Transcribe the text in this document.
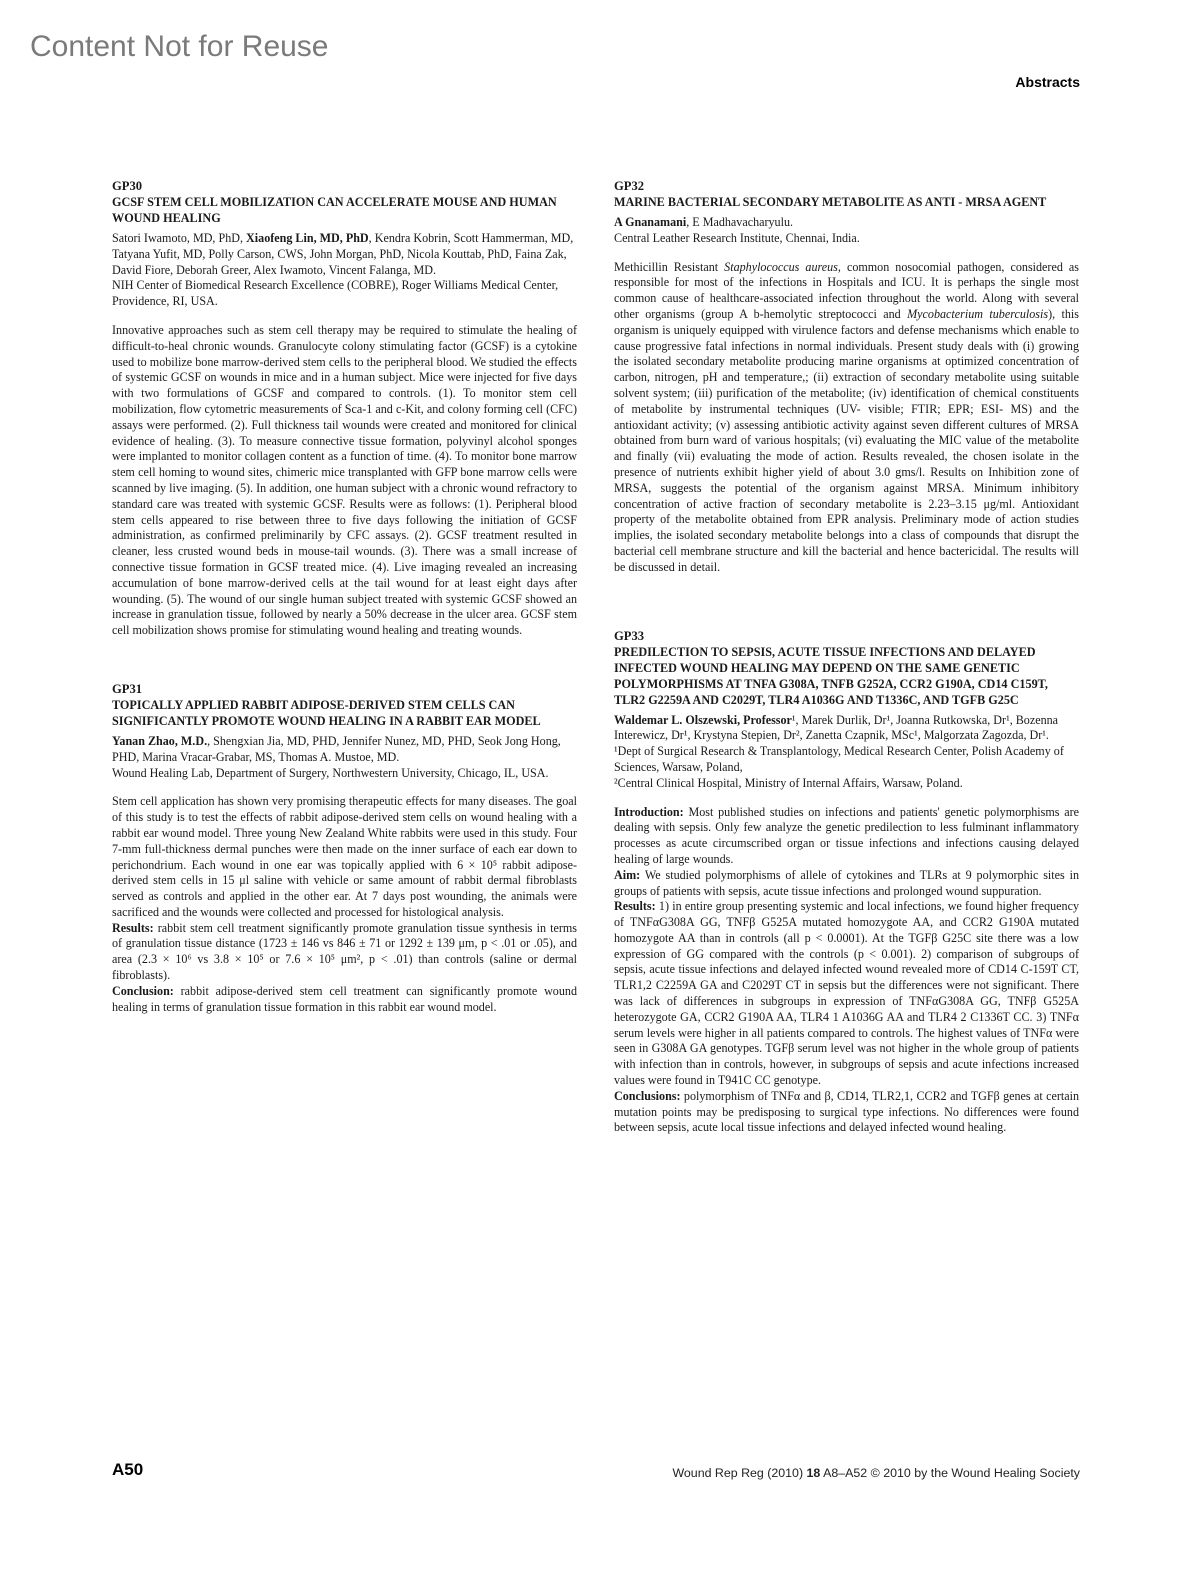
Content Not for Reuse
Abstracts
GP30
GCSF STEM CELL MOBILIZATION CAN ACCELERATE MOUSE AND HUMAN WOUND HEALING
Satori Iwamoto, MD, PhD, Xiaofeng Lin, MD, PhD, Kendra Kobrin, Scott Hammerman, MD, Tatyana Yufit, MD, Polly Carson, CWS, John Morgan, PhD, Nicola Kouttab, PhD, Faina Zak, David Fiore, Deborah Greer, Alex Iwamoto, Vincent Falanga, MD.
NIH Center of Biomedical Research Excellence (COBRE), Roger Williams Medical Center, Providence, RI, USA.

Innovative approaches such as stem cell therapy may be required to stimulate the healing of difficult-to-heal chronic wounds. Granulocyte colony stimulating factor (GCSF) is a cytokine used to mobilize bone marrow-derived stem cells to the peripheral blood. We studied the effects of systemic GCSF on wounds in mice and in a human subject. Mice were injected for five days with two formulations of GCSF and compared to controls. (1). To monitor stem cell mobilization, flow cytometric measurements of Sca-1 and c-Kit, and colony forming cell (CFC) assays were performed. (2). Full thickness tail wounds were created and monitored for clinical evidence of healing. (3). To measure connective tissue formation, polyvinyl alcohol sponges were implanted to monitor collagen content as a function of time. (4). To monitor bone marrow stem cell homing to wound sites, chimeric mice transplanted with GFP bone marrow cells were scanned by live imaging. (5). In addition, one human subject with a chronic wound refractory to standard care was treated with systemic GCSF. Results were as follows: (1). Peripheral blood stem cells appeared to rise between three to five days following the initiation of GCSF administration, as confirmed preliminarily by CFC assays. (2). GCSF treatment resulted in cleaner, less crusted wound beds in mouse-tail wounds. (3). There was a small increase of connective tissue formation in GCSF treated mice. (4). Live imaging revealed an increasing accumulation of bone marrow-derived cells at the tail wound for at least eight days after wounding. (5). The wound of our single human subject treated with systemic GCSF showed an increase in granulation tissue, followed by nearly a 50% decrease in the ulcer area. GCSF stem cell mobilization shows promise for stimulating wound healing and treating wounds.

GP31
TOPICALLY APPLIED RABBIT ADIPOSE-DERIVED STEM CELLS CAN SIGNIFICANTLY PROMOTE WOUND HEALING IN A RABBIT EAR MODEL
Yanan Zhao, M.D., Shengxian Jia, MD, PHD, Jennifer Nunez, MD, PHD, Seok Jong Hong, PHD, Marina Vracar-Grabar, MS, Thomas A. Mustoe, MD.
Wound Healing Lab, Department of Surgery, Northwestern University, Chicago, IL, USA.

Stem cell application has shown very promising therapeutic effects for many diseases. The goal of this study is to test the effects of rabbit adipose-derived stem cells on wound healing with a rabbit ear wound model. Three young New Zealand White rabbits were used in this study. Four 7-mm full-thickness dermal punches were then made on the inner surface of each ear down to perichondrium. Each wound in one ear was topically applied with 6 × 10⁵ rabbit adipose-derived stem cells in 15 μl saline with vehicle or same amount of rabbit dermal fibroblasts served as controls and applied in the other ear. At 7 days post wounding, the animals were sacrificed and the wounds were collected and processed for histological analysis.

Results: rabbit stem cell treatment significantly promote granulation tissue synthesis in terms of granulation tissue distance (1723 ± 146 vs 846 ± 71 or 1292 ± 139 μm, p < .01 or .05), and area (2.3 × 10⁶ vs 3.8 × 10⁵ or 7.6 × 10⁵ μm², p < .01) than controls (saline or dermal fibroblasts).

Conclusion: rabbit adipose-derived stem cell treatment can significantly promote wound healing in terms of granulation tissue formation in this rabbit ear wound model.

GP32
MARINE BACTERIAL SECONDARY METABOLITE AS ANTI - MRSA AGENT
A Gnanamani, E Madhavacharyulu.
Central Leather Research Institute, Chennai, India.

Methicillin Resistant Staphylococcus aureus, common nosocomial pathogen, considered as responsible for most of the infections in Hospitals and ICU. It is perhaps the single most common cause of healthcare-associated infection throughout the world. Along with several other organisms (group A b-hemolytic streptococci and Mycobacterium tuberculosis), this organism is uniquely equipped with virulence factors and defense mechanisms which enable to cause progressive fatal infections in normal individuals. Present study deals with (i) growing the isolated secondary metabolite producing marine organisms at optimized concentration of carbon, nitrogen, pH and temperature,; (ii) extraction of secondary metabolite using suitable solvent system; (iii) purification of the metabolite; (iv) identification of chemical constituents of metabolite by instrumental techniques (UV- visible; FTIR; EPR; ESI- MS) and the antioxidant activity; (v) assessing antibiotic activity against seven different cultures of MRSA obtained from burn ward of various hospitals; (vi) evaluating the MIC value of the metabolite and finally (vii) evaluating the mode of action. Results revealed, the chosen isolate in the presence of nutrients exhibit higher yield of about 3.0 gms/l. Results on Inhibition zone of MRSA, suggests the potential of the organism against MRSA. Minimum inhibitory concentration of active fraction of secondary metabolite is 2.23–3.15 μg/ml. Antioxidant property of the metabolite obtained from EPR analysis. Preliminary mode of action studies implies, the isolated secondary metabolite belongs into a class of compounds that disrupt the bacterial cell membrane structure and kill the bacterial and hence bactericidal. The results will be discussed in detail.

GP33
PREDILECTION TO SEPSIS, ACUTE TISSUE INFECTIONS AND DELAYED INFECTED WOUND HEALING MAY DEPEND ON THE SAME GENETIC POLYMORPHISMS AT TNFA G308A, TNFB G252A, CCR2 G190A, CD14 C159T, TLR2 G2259A AND C2029T, TLR4 A1036G AND T1336C, AND TGFB G25C
Waldemar L. Olszewski, Professor¹, Marek Durlik, Dr¹, Joanna Rutkowska, Dr¹, Bozenna Interewicz, Dr¹, Krystyna Stepien, Dr², Zanetta Czapnik, MSc¹, Malgorzata Zagozda, Dr¹.
¹Dept of Surgical Research & Transplantology, Medical Research Center, Polish Academy of Sciences, Warsaw, Poland,
²Central Clinical Hospital, Ministry of Internal Affairs, Warsaw, Poland.

Introduction: Most published studies on infections and patients' genetic polymorphisms are dealing with sepsis. Only few analyze the genetic predilection to less fulminant inflammatory processes as acute circumscribed organ or tissue infections and infections causing delayed healing of large wounds.

Aim: We studied polymorphisms of allele of cytokines and TLRs at 9 polymorphic sites in groups of patients with sepsis, acute tissue infections and prolonged wound suppuration.

Results: 1) in entire group presenting systemic and local infections, we found higher frequency of TNFαG308A GG, TNFβ G525A mutated homozygote AA, and CCR2 G190A mutated homozygote AA than in controls (all p < 0.0001). At the TGFβ G25C site there was a low expression of GG compared with the controls (p < 0.001). 2) comparison of subgroups of sepsis, acute tissue infections and delayed infected wound revealed more of CD14 C-159T CT, TLR1,2 C2259A GA and C2029T CT in sepsis but the differences were not significant. There was lack of differences in subgroups in expression of TNFαG308A GG, TNFβ G525A heterozygote GA, CCR2 G190A AA, TLR4 1 A1036G AA and TLR4 2 C1336T CC. 3) TNFα serum levels were higher in all patients compared to controls. The highest values of TNFα were seen in G308A GA genotypes. TGFβ serum level was not higher in the whole group of patients with infection than in controls, however, in subgroups of sepsis and acute infections increased values were found in T941C CC genotype.

Conclusions: polymorphism of TNFα and β, CD14, TLR2,1, CCR2 and TGFβ genes at certain mutation points may be predisposing to surgical type infections. No differences were found between sepsis, acute local tissue infections and delayed infected wound healing.

A50	Wound Rep Reg (2010) 18 A8–A52 © 2010 by the Wound Healing Society
